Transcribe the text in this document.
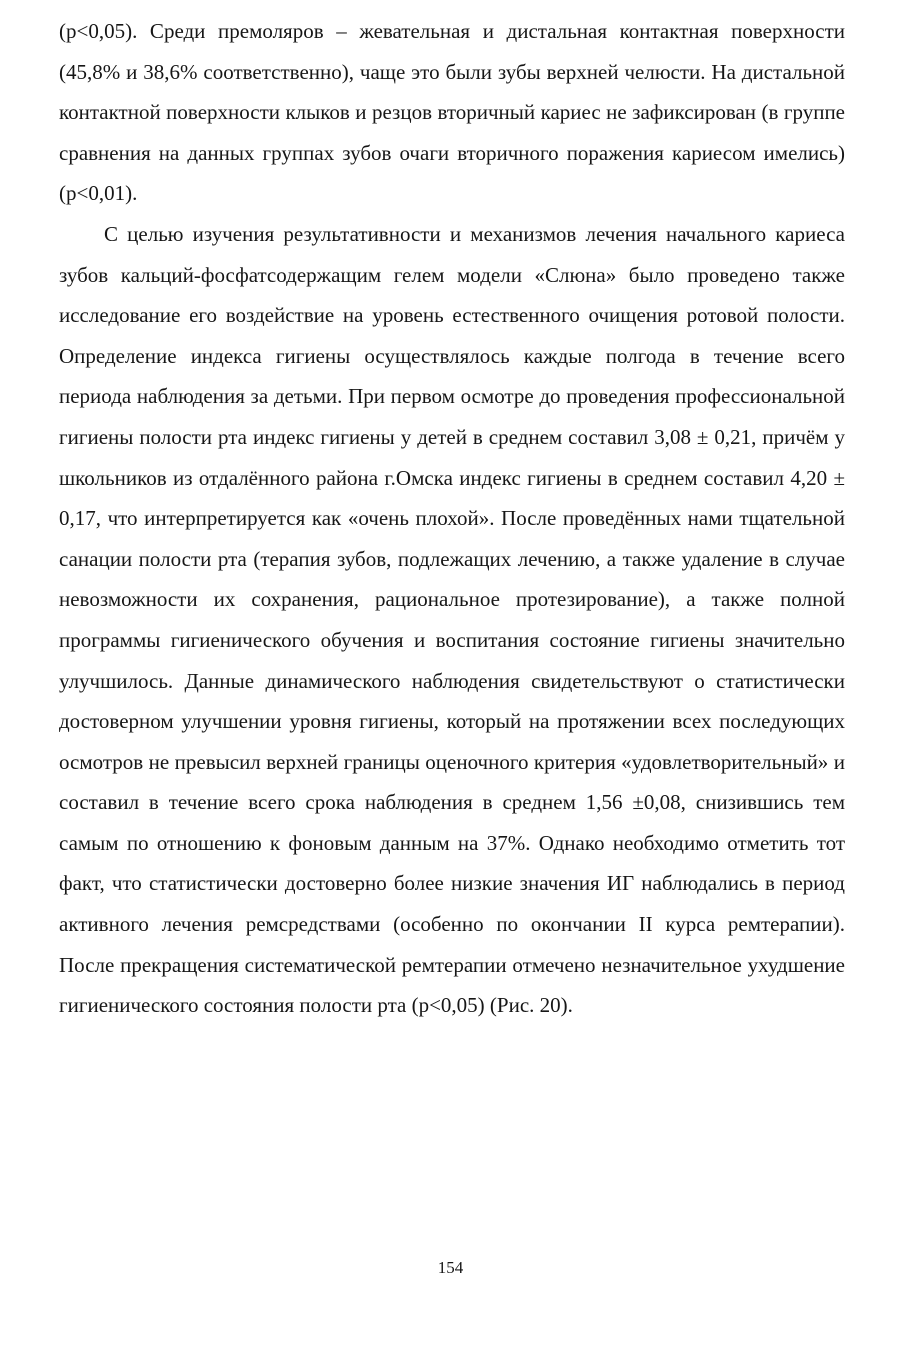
(р<0,05). Среди премоляров – жевательная и дистальная контактная поверхности (45,8% и 38,6% соответственно), чаще это были зубы верхней челюсти. На дистальной контактной поверхности клыков и резцов вторичный кариес не зафиксирован (в группе сравнения на данных группах зубов очаги вторичного поражения кариесом имелись) (р<0,01).

С целью изучения результативности и механизмов лечения начального кариеса зубов кальций-фосфатсодержащим гелем модели «Слюна» было проведено также исследование его воздействие на уровень естественного очищения ротовой полости. Определение индекса гигиены осуществлялось каждые полгода в течение всего периода наблюдения за детьми. При первом осмотре до проведения профессиональной гигиены полости рта индекс гигиены у детей в среднем составил 3,08 ± 0,21, причём у школьников из отдалённого района г.Омска индекс гигиены в среднем составил 4,20 ± 0,17, что интерпретируется как «очень плохой». После проведённых нами тщательной санации полости рта (терапия зубов, подлежащих лечению, а также удаление в случае невозможности их сохранения, рациональное протезирование), а также полной программы гигиенического обучения и воспитания состояние гигиены значительно улучшилось. Данные динамического наблюдения свидетельствуют о статистически достоверном улучшении уровня гигиены, который на протяжении всех последующих осмотров не превысил верхней границы оценочного критерия «удовлетворительный» и составил в течение всего срока наблюдения в среднем 1,56 ±0,08, снизившись тем самым по отношению к фоновым данным на 37%. Однако необходимо отметить тот факт, что статистически достоверно более низкие значения ИГ наблюдались в период активного лечения ремсредствами (особенно по окончании II курса ремтерапии). После прекращения систематической ремтерапии отмечено незначительное ухудшение гигиенического состояния полости рта (р<0,05) (Рис. 20).

154
